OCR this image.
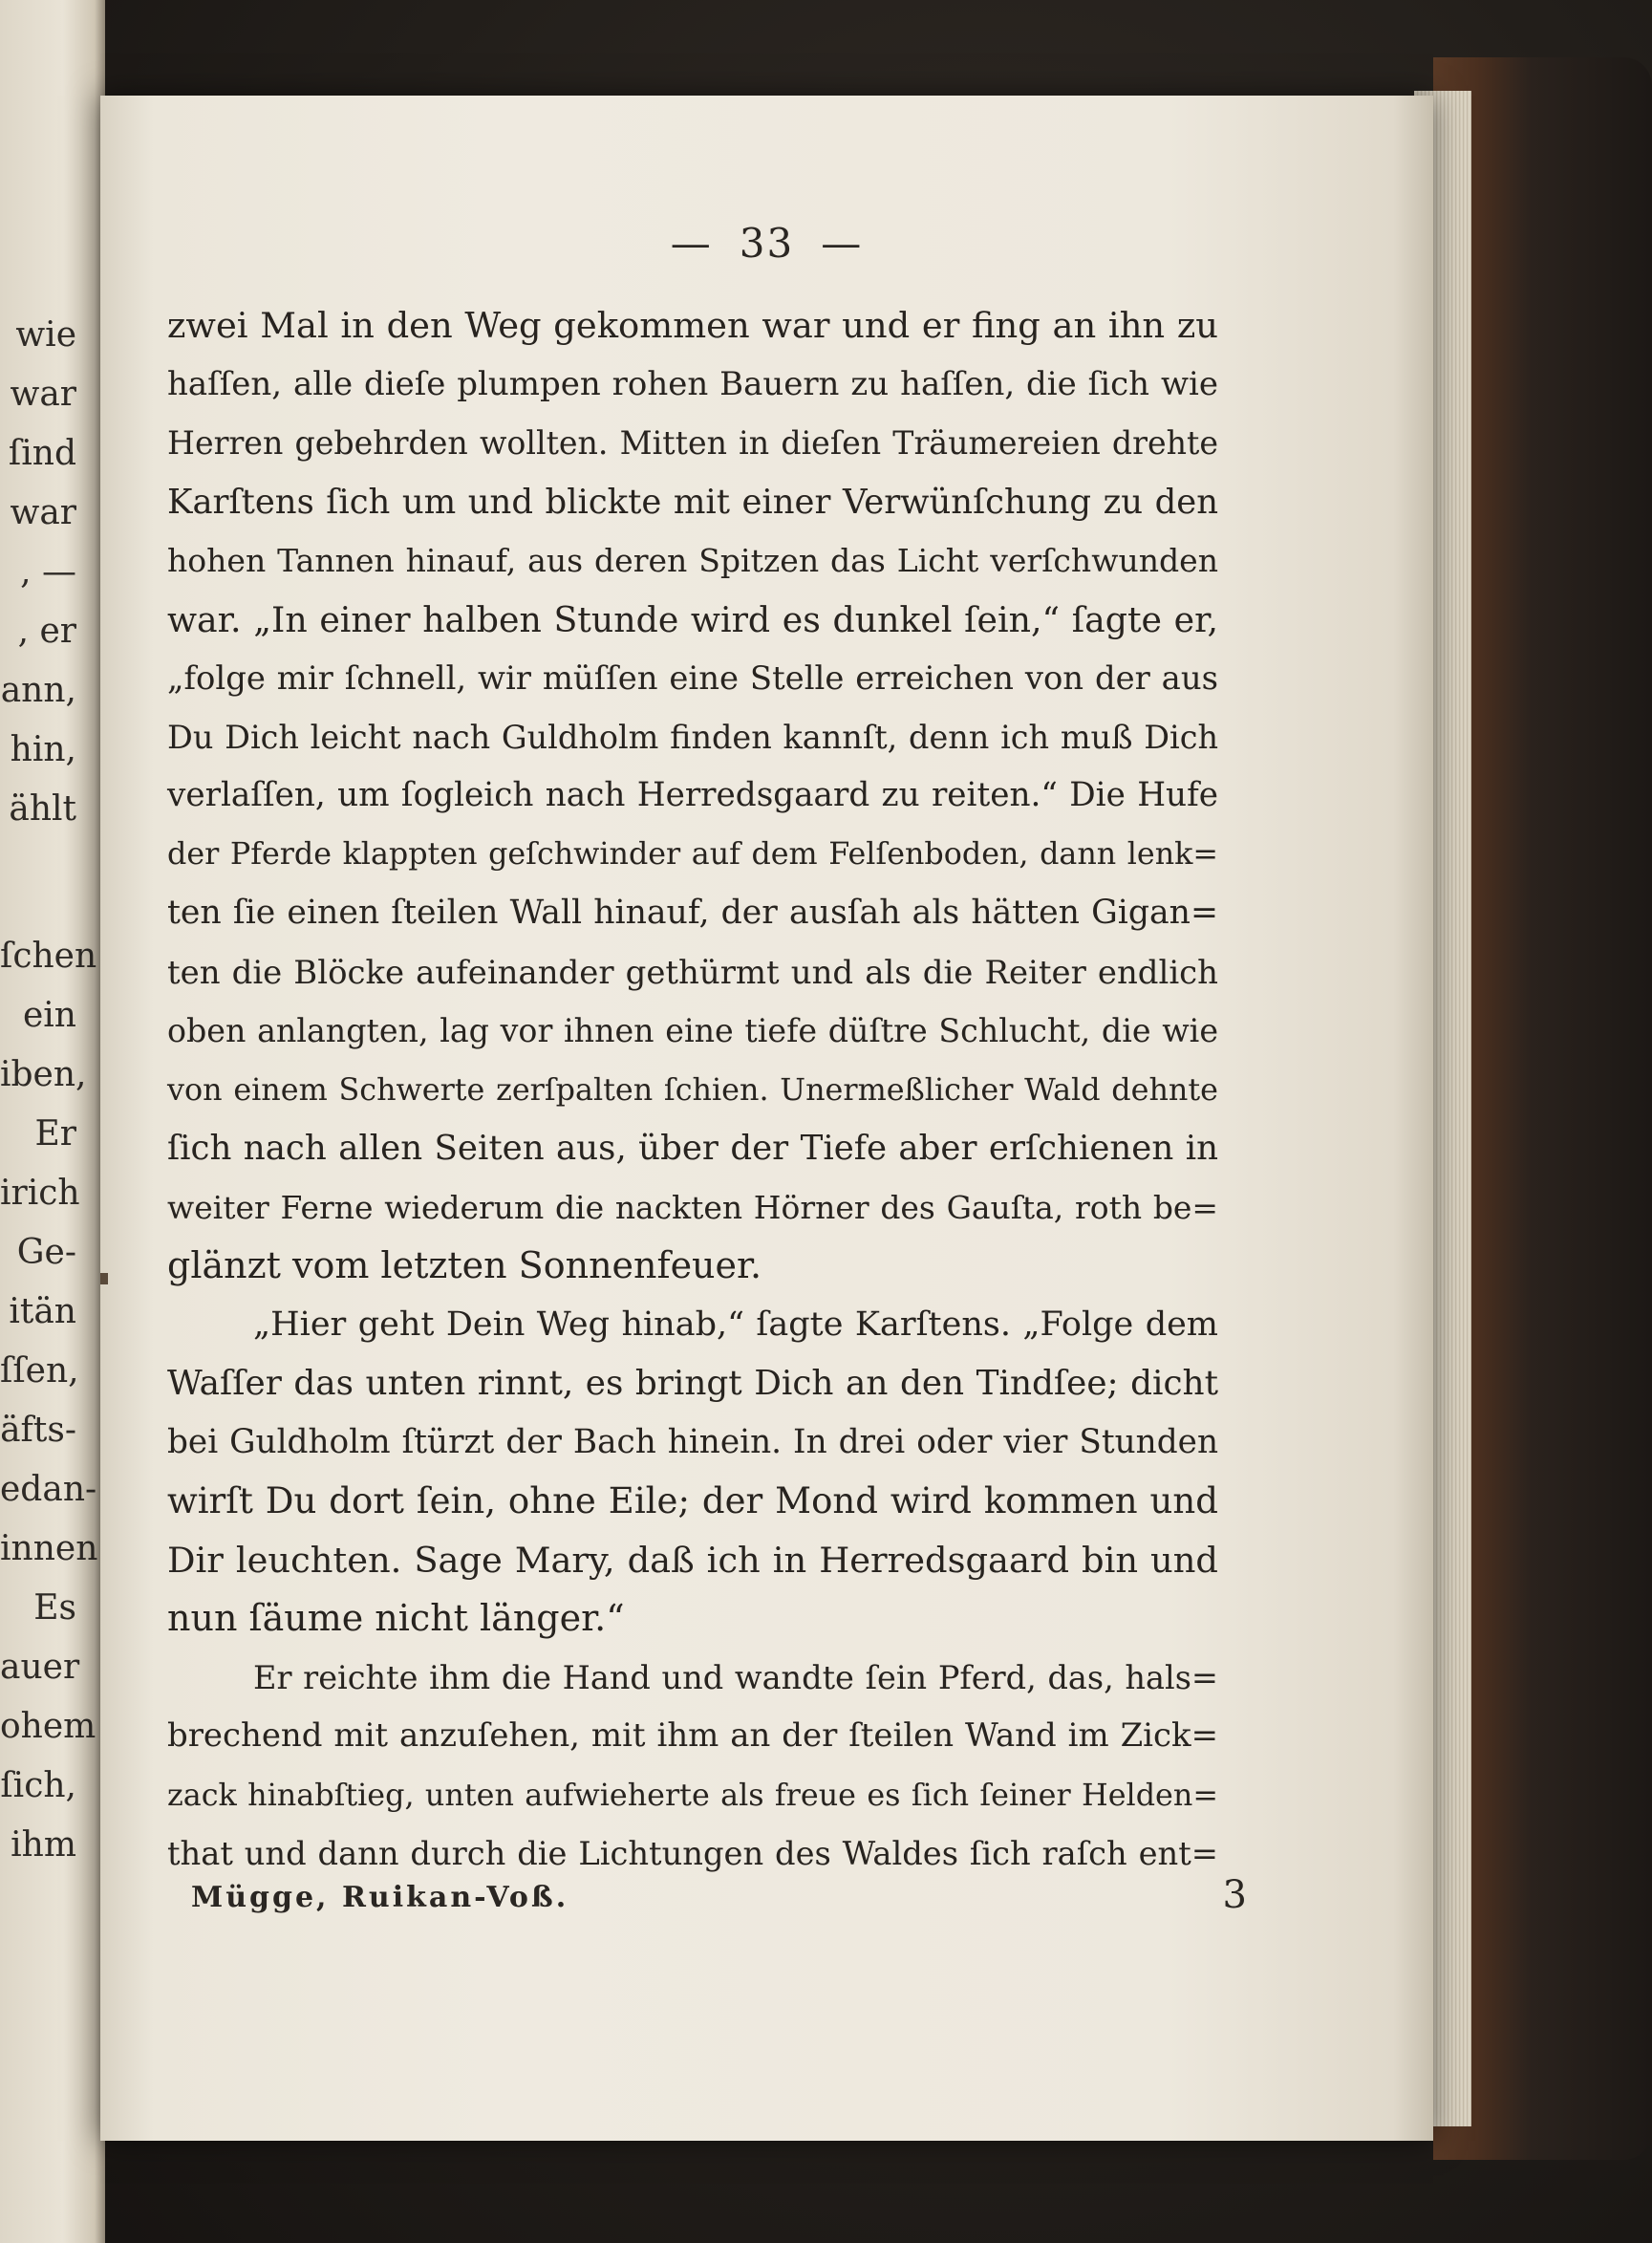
wie
war
ſind
war
, —
, er
ann,
hin,
ählt
ſchen
ein
iben,
Er
irich
Ge-
itän
ſſen,
äfts-
edan-
innen
Es
auer
ohem
ſich,
ihm
— 33 —
zwei Mal in den Weg gekommen war und er fing an ihn zu
haſſen, alle dieſe plumpen rohen Bauern zu haſſen, die ſich wie
Herren gebehrden wollten. Mitten in dieſen Träumereien drehte
Karſtens ſich um und blickte mit einer Verwünſchung zu den
hohen Tannen hinauf, aus deren Spitzen das Licht verſchwunden
war. „In einer halben Stunde wird es dunkel ſein,“ ſagte er,
„folge mir ſchnell, wir müſſen eine Stelle erreichen von der aus
Du Dich leicht nach Guldholm finden kannſt, denn ich muß Dich
verlaſſen, um ſogleich nach Herredsgaard zu reiten.“ Die Hufe
der Pferde klappten geſchwinder auf dem Felſenboden, dann lenk=
ten ſie einen ſteilen Wall hinauf, der ausſah als hätten Gigan=
ten die Blöcke aufeinander gethürmt und als die Reiter endlich
oben anlangten, lag vor ihnen eine tiefe düſtre Schlucht, die wie
von einem Schwerte zerſpalten ſchien. Unermeßlicher Wald dehnte
ſich nach allen Seiten aus, über der Tiefe aber erſchienen in
weiter Ferne wiederum die nackten Hörner des Gauſta, roth be=
glänzt vom letzten Sonnenfeuer.
„Hier geht Dein Weg hinab,“ ſagte Karſtens. „Folge dem
Waſſer das unten rinnt, es bringt Dich an den Tindſee; dicht
bei Guldholm ſtürzt der Bach hinein. In drei oder vier Stunden
wirſt Du dort ſein, ohne Eile; der Mond wird kommen und
Dir leuchten. Sage Mary, daß ich in Herredsgaard bin und
nun ſäume nicht länger.“
Er reichte ihm die Hand und wandte ſein Pferd, das, hals=
brechend mit anzuſehen, mit ihm an der ſteilen Wand im Zick=
zack hinabſtieg, unten aufwieherte als freue es ſich ſeiner Helden=
that und dann durch die Lichtungen des Waldes ſich raſch ent=
Mügge, Ruikan-Voß.	3
